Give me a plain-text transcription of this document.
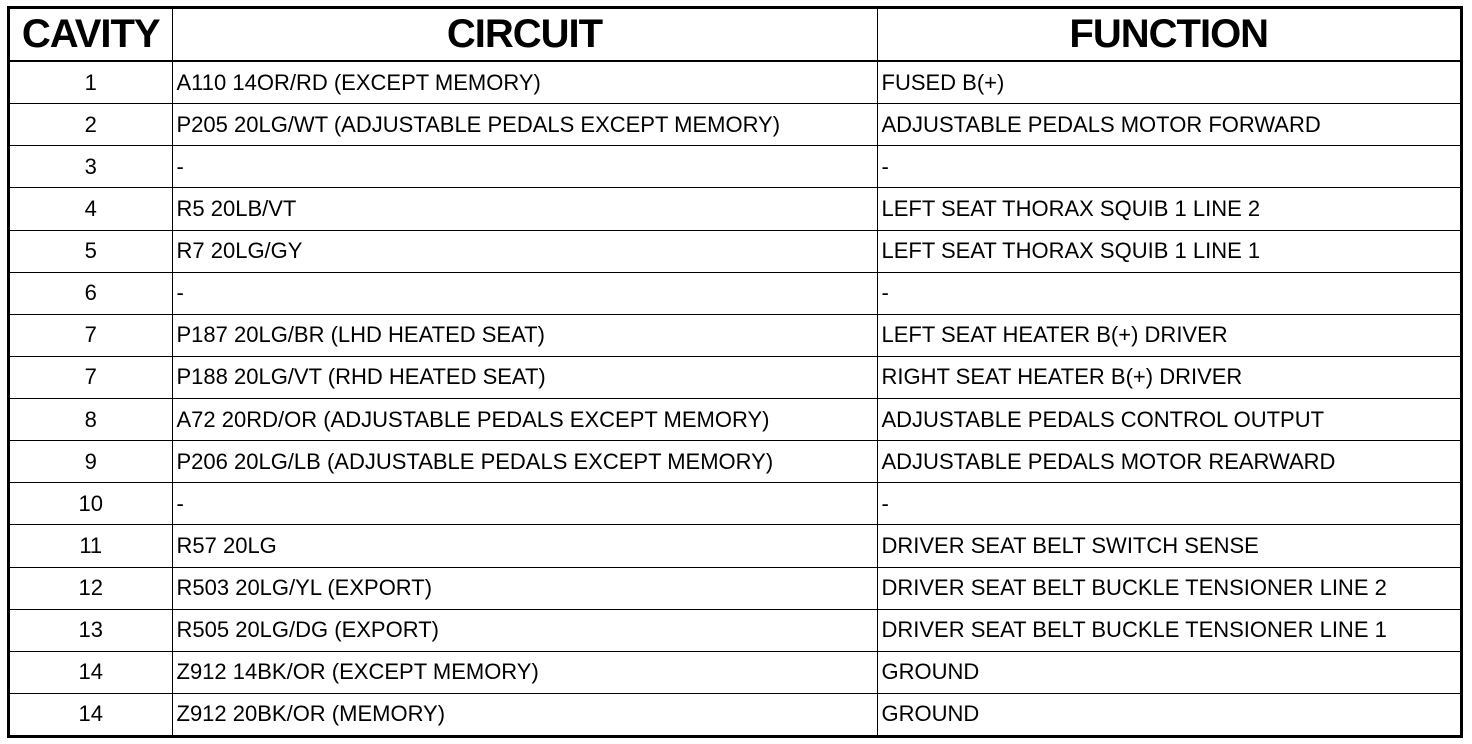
CAVITY	CIRCUIT	FUNCTION
1	A110 14OR/RD (EXCEPT MEMORY)	FUSED B(+)
2	P205 20LG/WT (ADJUSTABLE PEDALS EXCEPT MEMORY)	ADJUSTABLE PEDALS MOTOR FORWARD
3	-	-
4	R5 20LB/VT	LEFT SEAT THORAX SQUIB 1 LINE 2
5	R7 20LG/GY	LEFT SEAT THORAX SQUIB 1 LINE 1
6	-	-
7	P187 20LG/BR (LHD HEATED SEAT)	LEFT SEAT HEATER B(+) DRIVER
7	P188 20LG/VT (RHD HEATED SEAT)	RIGHT SEAT HEATER B(+) DRIVER
8	A72 20RD/OR (ADJUSTABLE PEDALS EXCEPT MEMORY)	ADJUSTABLE PEDALS CONTROL OUTPUT
9	P206 20LG/LB (ADJUSTABLE PEDALS EXCEPT MEMORY)	ADJUSTABLE PEDALS MOTOR REARWARD
10	-	-
11	R57 20LG	DRIVER SEAT BELT SWITCH SENSE
12	R503 20LG/YL (EXPORT)	DRIVER SEAT BELT BUCKLE TENSIONER LINE 2
13	R505 20LG/DG (EXPORT)	DRIVER SEAT BELT BUCKLE TENSIONER LINE 1
14	Z912 14BK/OR (EXCEPT MEMORY)	GROUND
14	Z912 20BK/OR (MEMORY)	GROUND
